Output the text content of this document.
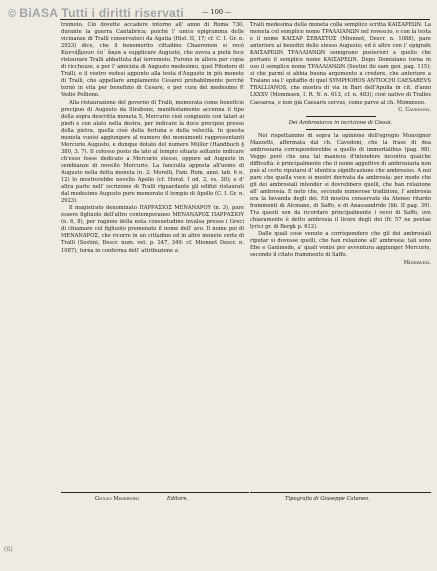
© BiASA Tutti i diritti riservati	— 100 —

tremoto. Ciò dovette accadere intorno all' anno di Roma 730, durante la guerra Cantabrica; poichè l' unico epigramma delle vicinanze di Tralli conservatoci da Agatia (Hist. II, 17; cf. C. I. Gr. n. 2923) dice, che il benemerito cittadino Chaeremon si recò Καντάβροισι ἐπ᾽ ἄκρα a supplicare Augusto, che aveva a pietà fece ristaurare Tralli abbattuta dal terremoto. Furono in allora per copia di ricchezze, e per l' amicizia di Augusto medesimo, quel Pitodoro di Tralli, e il vostro vedesi appunto alla testa d'Augusto in più monete di Tralli, che appellare amplamente Cesarei probabilmente perchè tornò in vita per benefizio di Cesare, e per cura del medesimo P. Vedio Pollione.

Alla ristaurazione del governo di Tralli, memorata come beneficio precipuo di Augusto da Strabone, manifestamente accenna il tipo della sopra descritta moneta 5, Mercurio cioè congiunto con talari ai piedi e con alato nella destra, per indicare la duce precipuo presso della pietra, quella cioè della fortuna e della velocità. In questa moneta vuoisi aggiungere al numero dei monumenti rappresentanti Mercurio Augusto, e dunque dotato del numero Müller (Handbuch § 380, 3. 7). Il colosso posto da lato al tempio situato soltanto indicare ch'esso fosse dedicato a Mercurio stesso, oppure ad Augusto in sembianze di novello Mercurio. La fanciulla apposta all'uomo di Augusto nella detta moneta (n. 2: Morelli, Fam. Rom. anni. tab. 6 n. 12) lo mostrerebbe novello Apollo (cf. Horat. I od. 2, vs. 30); e d' altra parte nell' iscrizione di Tralli riguardante gli edifizi ristaurati dal medesimo Augusto pure memorato il tempio di Apollo (C. I. Gr. n. 2923).

Il magistrato denominato ΠΑΡΡΑΣΙΟΣ ΜΕΝΑΝΔΡΟΥ (n. 3), pare essere figliuolo dell'altro contemporaneo ΜΕΝΑΝΔΡΟΣ ΠΑΡΡΑΣΙΟΥ (n. 6, 8), per ragione della nota consuetudine invalsa presso i Greci di chiamare col figliuolo premenato il nome dell' avo. Il nome poi di ΜΕΝΑΝΔΡΟΣ, che ricorre in un cittadino ed in altre monete certe di Tralli (Sestini, Descr. num. vet. p. 247, 349: cf. Mionnet Descr. n. 1087), torna in conferma dell' attribuzione a

Tralli medesima della moneta colla semplice scritta ΚΑΙΣΑΡΕΩΝ. La moneta col semplice nome ΤΡΑΛΛΙΑΝΩΝ nel rovescio, e con la testa e il nome ΚΑΙΣΑΡ ΣΕΒΑΣΤΟΣ (Mionnet, Descr. n. 1088), pare anteriore ai benefizi dello stesso Augusto; ed è altro con l' epigrafe ΚΑΙΣΑΡΕΩΝ ΤΡΑΛΛΙΑΝΩΝ semigrano posteriori a quello che portano il semplice nome ΚΑΙΣΑΡΕΩΝ. Dopo Domiziano torna in uso il semplice nome ΤΡΑΛΛΙΑΝΩΝ (Sestini ibi eam gen. pag. 115); si che parmi si abbia buona argomento a credere, che anteriore a Traiano sia l' epitaffio di quel SYMPHOROS ANTIOCHI CAESAREVS TRALLIANOS, che mostra di via in Bari dell'Apulia in cit. d'anni LXXXV (Mommsen, I. R. N. n. 613, cf. n. 483); cioè nativo di Tralles Caesarea, e non già Caesaris servus, come parve al ch. Mommsen.

C. Cavedoni.

Dei Ambrosiarza in iscrizione di Ciesai.

Noi rispettammo di sopra la opinione dell'egregio Monsignor Mazzetti, affermata dal ch. Cavedoni, che la frase di dea ambrosiaria corrisponderebbe a quello di immortalibus (pag. 98). Veggo però che una tal maniera d'intendere incontra qualche difficoltà: è principalmente che il nome aggettivo di ambrosiaria non può al certo riputarsi d' identica significazione che ambrosius. A noi pare che quella voce si mostri derivata da ambrosia: per modo che gli dei ambrosiali intender si dovrebbero quelli, che han relazione all' ambrosia. E noto che, secondo numerose tradizioni, l' ambrosia era la bevanda degli dei. Ed mostra conservate da Ateneo ritardo frammenti di Alcmane, di Saffo, e di Anassandride (lib. II pag. 39). Tra questi son da ricordare principalmente i versi di Saffo, ove chiaramente è detto ambrosia il licore degli dei (fr. 57 ne poetae lyrici gr. di Bergk p. 612).

Dalle quali cose venuto a corrispondere che gli dei ambrosiali riputar si dovesse quelli, che han relazione all' ambrosia: tali sono Ebe e Ganimede, a' quali venisi per avventura aggiunger Mercurio, secondo il citato frammento di Saffo.

Minervini.

Giulio Minervini	Editore.	Tipografia di Giuseppe Cataneo.
(ü)
